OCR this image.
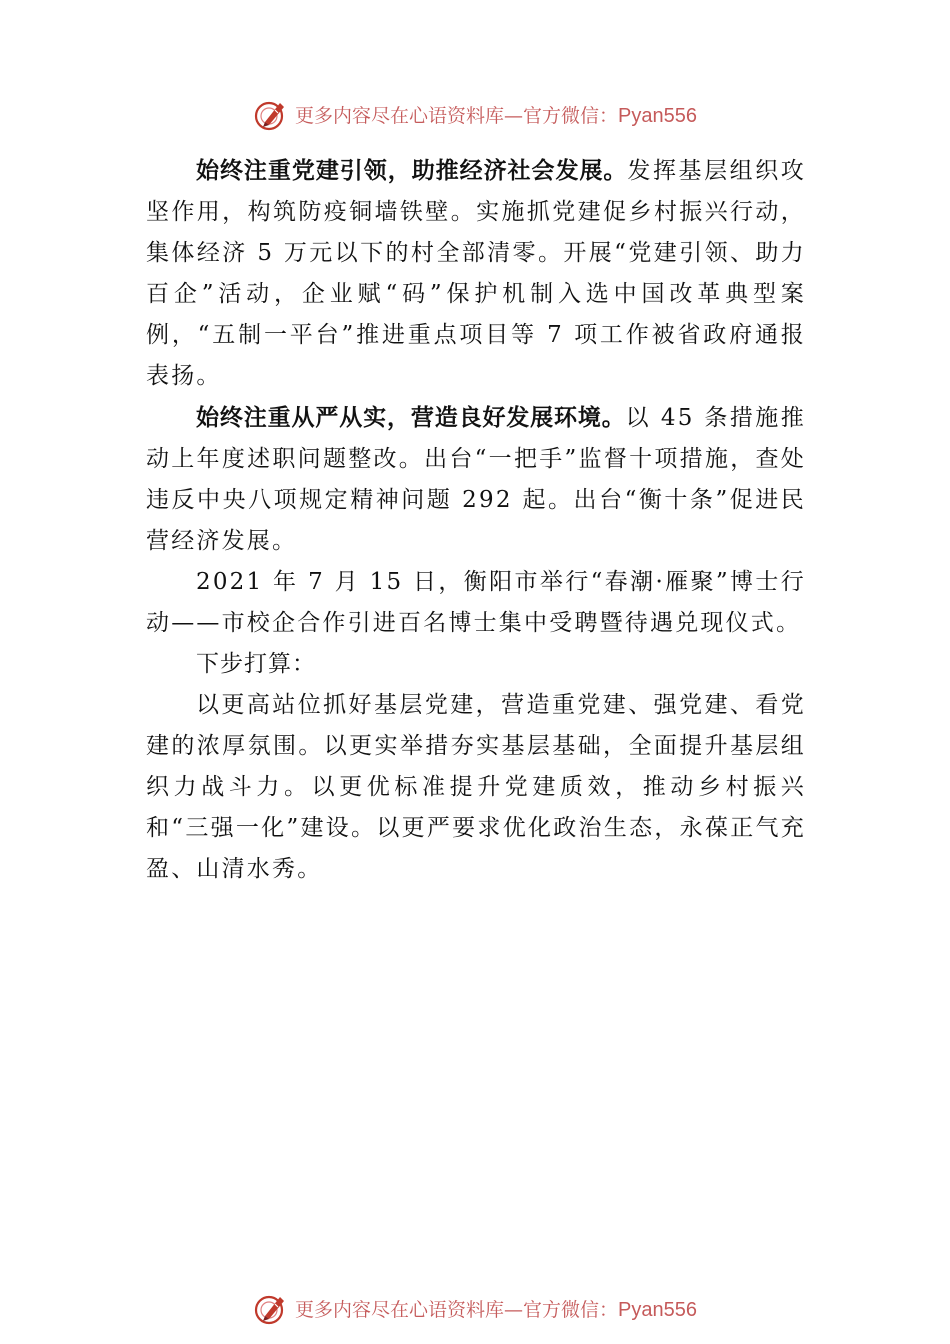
更多内容尽在心语资料库—官方微信：Pyan556

始终注重党建引领，助推经济社会发展。发挥基层组织攻坚作用，构筑防疫铜墙铁壁。实施抓党建促乡村振兴行动，集体经济 5 万元以下的村全部清零。开展“党建引领、助力百企”活动，企业赋“码”保护机制入选中国改革典型案例，“五制一平台”推进重点项目等 7 项工作被省政府通报表扬。

始终注重从严从实，营造良好发展环境。以 45 条措施推动上年度述职问题整改。出台“一把手”监督十项措施，查处违反中央八项规定精神问题 292 起。出台“衡十条”促进民营经济发展。

2021 年 7 月 15 日，衡阳市举行“春潮·雁聚”博士行动——市校企合作引进百名博士集中受聘暨待遇兑现仪式。

下步打算：

以更高站位抓好基层党建，营造重党建、强党建、看党建的浓厚氛围。以更实举措夯实基层基础，全面提升基层组织力战斗力。以更优标准提升党建质效，推动乡村振兴和“三强一化”建设。以更严要求优化政治生态，永葆正气充盈、山清水秀。

更多内容尽在心语资料库—官方微信：Pyan556
